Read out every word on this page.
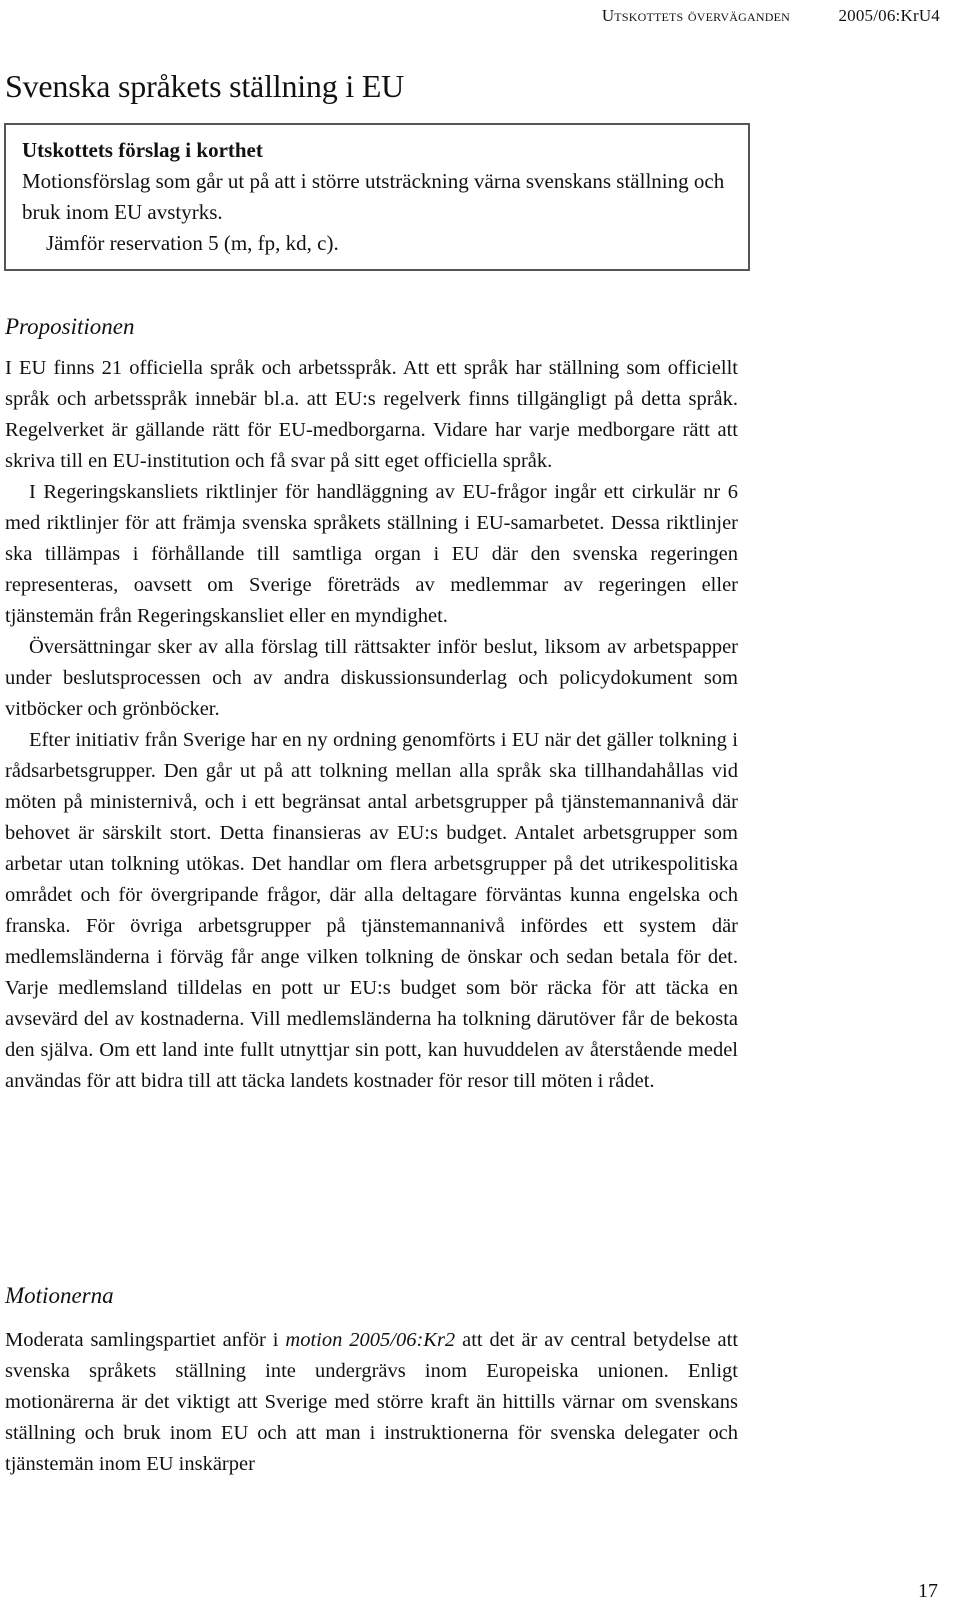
Utskottets överväganden	2005/06:KrU4
Svenska språkets ställning i EU
Utskottets förslag i korthet
Motionsförslag som går ut på att i större utsträckning värna svenskans ställning och bruk inom EU avstyrks.
Jämför reservation 5 (m, fp, kd, c).
Propositionen

I EU finns 21 officiella språk och arbetsspråk. Att ett språk har ställning som officiellt språk och arbetsspråk innebär bl.a. att EU:s regelverk finns tillgängligt på detta språk. Regelverket är gällande rätt för EU-medborgarna. Vidare har varje medborgare rätt att skriva till en EU-institution och få svar på sitt eget officiella språk.

I Regeringskansliets riktlinjer för handläggning av EU-frågor ingår ett cirkulär nr 6 med riktlinjer för att främja svenska språkets ställning i EU-samarbetet. Dessa riktlinjer ska tillämpas i förhållande till samtliga organ i EU där den svenska regeringen representeras, oavsett om Sverige företräds av medlemmar av regeringen eller tjänstemän från Regeringskansliet eller en myndighet.

Översättningar sker av alla förslag till rättsakter inför beslut, liksom av arbetspapper under beslutsprocessen och av andra diskussionsunderlag och policydokument som vitböcker och grönböcker.

Efter initiativ från Sverige har en ny ordning genomförts i EU när det gäller tolkning i rådsarbetsgrupper. Den går ut på att tolkning mellan alla språk ska tillhandahållas vid möten på ministernivå, och i ett begränsat antal arbetsgrupper på tjänstemannanivå där behovet är särskilt stort. Detta finansieras av EU:s budget. Antalet arbetsgrupper som arbetar utan tolkning utökas. Det handlar om flera arbetsgrupper på det utrikespolitiska området och för övergripande frågor, där alla deltagare förväntas kunna engelska och franska. För övriga arbetsgrupper på tjänstemannanivå infördes ett system där medlemsländerna i förväg får ange vilken tolkning de önskar och sedan betala för det. Varje medlemsland tilldelas en pott ur EU:s budget som bör räcka för att täcka en avsevärd del av kostnaderna. Vill medlemsländerna ha tolkning därutöver får de bekosta den själva. Om ett land inte fullt utnyttjar sin pott, kan huvuddelen av återstående medel användas för att bidra till att täcka landets kostnader för resor till möten i rådet.

Motionerna

Moderata samlingspartiet anför i motion 2005/06:Kr2 att det är av central betydelse att svenska språkets ställning inte undergrävs inom Europeiska unionen. Enligt motionärerna är det viktigt att Sverige med större kraft än hittills värnar om svenskans ställning och bruk inom EU och att man i instruktionerna för svenska delegater och tjänstemän inom EU inskärper

17
